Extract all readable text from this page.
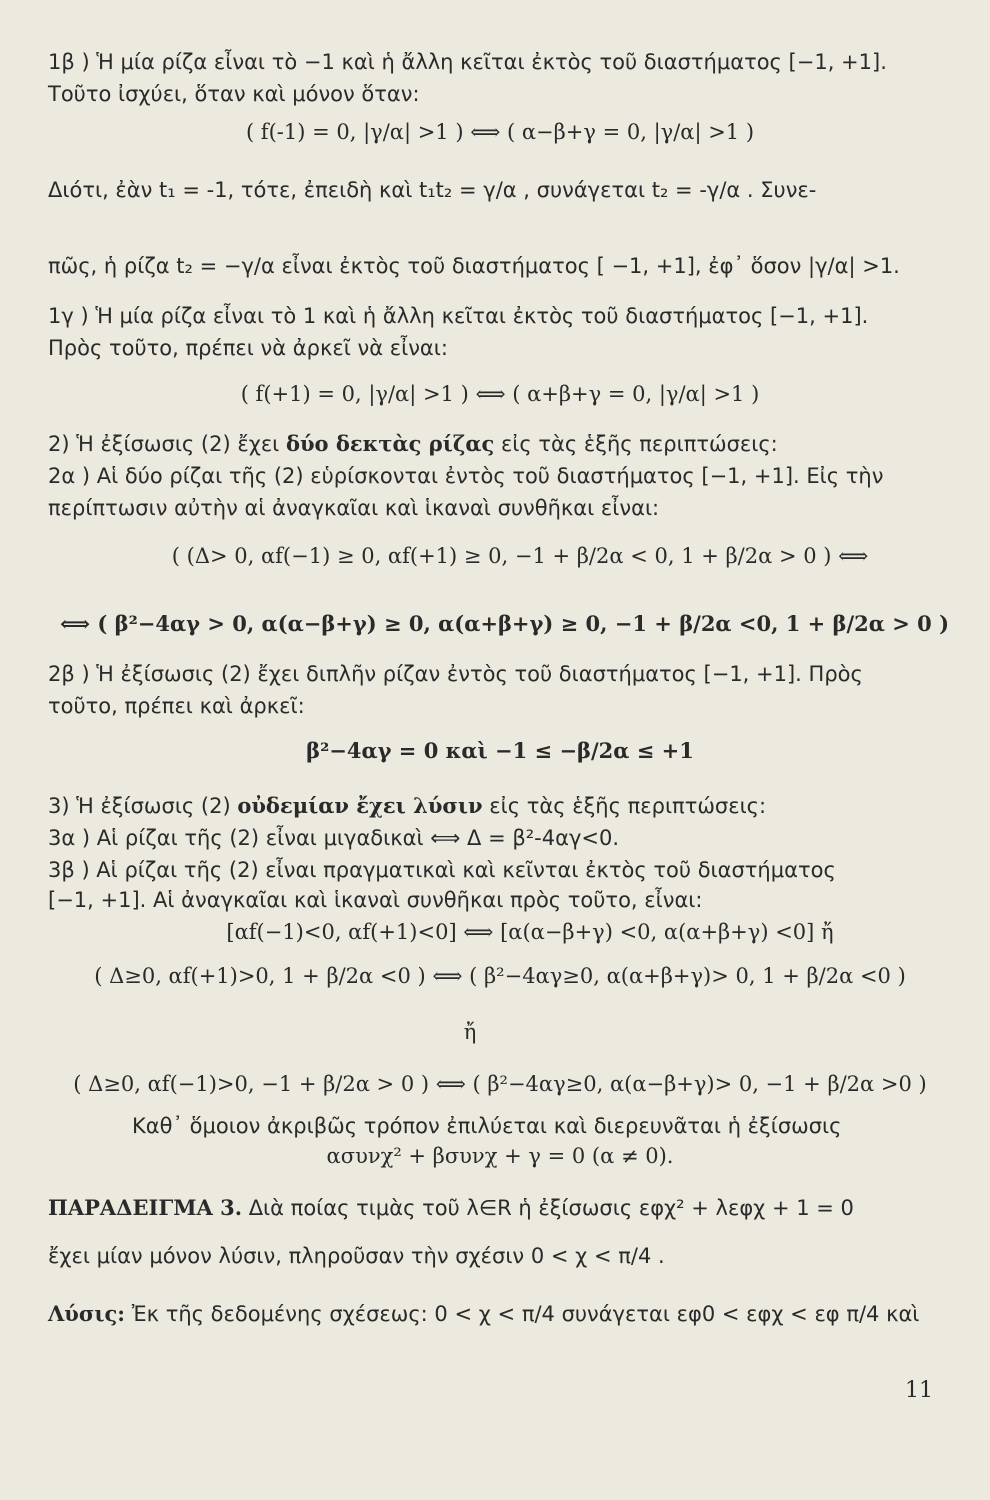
1β ) Ἡ μία ρίζα εἶναι τὸ −1 καὶ ἡ ἄλλη κεῖται ἐκτὸς τοῦ διαστήματος [−1, +1].
Τοῦτο ἰσχύει, ὅταν καὶ μόνον ὅταν:
( f(-1) = 0, |γ/α| >1 ) ⟺ ( α−β+γ = 0, |γ/α| >1 )
Διότι, ἐὰν t₁ = -1, τότε, ἐπειδὴ καὶ t₁t₂ = γ/α , συνάγεται t₂ = -γ/α . Συνε-
πῶς, ἡ ρίζα t₂ = −γ/α εἶναι ἐκτὸς τοῦ διαστήματος [ −1, +1], ἐφ᾿ ὅσον |γ/α| >1.
1γ ) Ἡ μία ρίζα εἶναι τὸ 1 καὶ ἡ ἄλλη κεῖται ἐκτὸς τοῦ διαστήματος [−1, +1].
Πρὸς τοῦτο, πρέπει νὰ ἀρκεῖ νὰ εἶναι:
( f(+1) = 0, |γ/α| >1 ) ⟺ ( α+β+γ = 0, |γ/α| >1 )
2) Ἡ ἐξίσωσις (2) ἔχει δύο δεκτὰς ρίζας εἰς τὰς ἑξῆς περιπτώσεις:
2α ) Αἱ δύο ρίζαι τῆς (2) εὑρίσκονται ἐντὸς τοῦ διαστήματος [−1, +1]. Εἰς τὴν
περίπτωσιν αὐτὴν αἱ ἀναγκαῖαι καὶ ἱκαναὶ συνθῆκαι εἶναι:
( (Δ> 0, αf(−1) ≥ 0, αf(+1) ≥ 0, −1 + β/2α < 0, 1 + β/2α > 0 ) ⟺
⟺ ( β²−4αγ > 0, α(α−β+γ) ≥ 0, α(α+β+γ) ≥ 0, −1 + β/2α <0, 1 + β/2α > 0 )
2β ) Ἡ ἐξίσωσις (2) ἔχει διπλῆν ρίζαν ἐντὸς τοῦ διαστήματος [−1, +1]. Πρὸς
τοῦτο, πρέπει καὶ ἀρκεῖ:
β²−4αγ = 0 καὶ −1 ≤ −β/2α ≤ +1
3) Ἡ ἐξίσωσις (2) οὐδεμίαν ἔχει λύσιν εἰς τὰς ἑξῆς περιπτώσεις:
3α ) Αἱ ρίζαι τῆς (2) εἶναι μιγαδικαὶ ⟺ Δ = β²-4αγ<0.
3β ) Αἱ ρίζαι τῆς (2) εἶναι πραγματικαὶ καὶ κεῖνται ἐκτὸς τοῦ διαστήματος
[−1, +1]. Αἱ ἀναγκαῖαι καὶ ἱκαναὶ συνθῆκαι πρὸς τοῦτο, εἶναι:
[αf(−1)<0, αf(+1)<0] ⟺ [α(α−β+γ) <0, α(α+β+γ) <0] ἤ
( Δ≥0, αf(+1)>0, 1 + β/2α <0 ) ⟺ ( β²−4αγ≥0, α(α+β+γ)> 0, 1 + β/2α <0 )
ἤ
( Δ≥0, αf(−1)>0, −1 + β/2α > 0 ) ⟺ ( β²−4αγ≥0, α(α−β+γ)> 0, −1 + β/2α >0 )
Καθ᾿ ὅμοιον ἀκριβῶς τρόπον ἐπιλύεται καὶ διερευνᾶται ἡ ἐξίσωσις
ασυνχ² + βσυνχ + γ = 0 (α ≠ 0).
ΠΑΡΑΔΕΙΓΜΑ 3. Διὰ ποίας τιμὰς τοῦ λ∈R ἡ ἐξίσωσις εφχ² + λεφχ + 1 = 0
ἔχει μίαν μόνον λύσιν, πληροῦσαν τὴν σχέσιν 0 < χ < π/4 .
Λύσις: Ἐκ τῆς δεδομένης σχέσεως: 0 < χ < π/4 συνάγεται εφ0 < εφχ < εφ π/4 καὶ
11
